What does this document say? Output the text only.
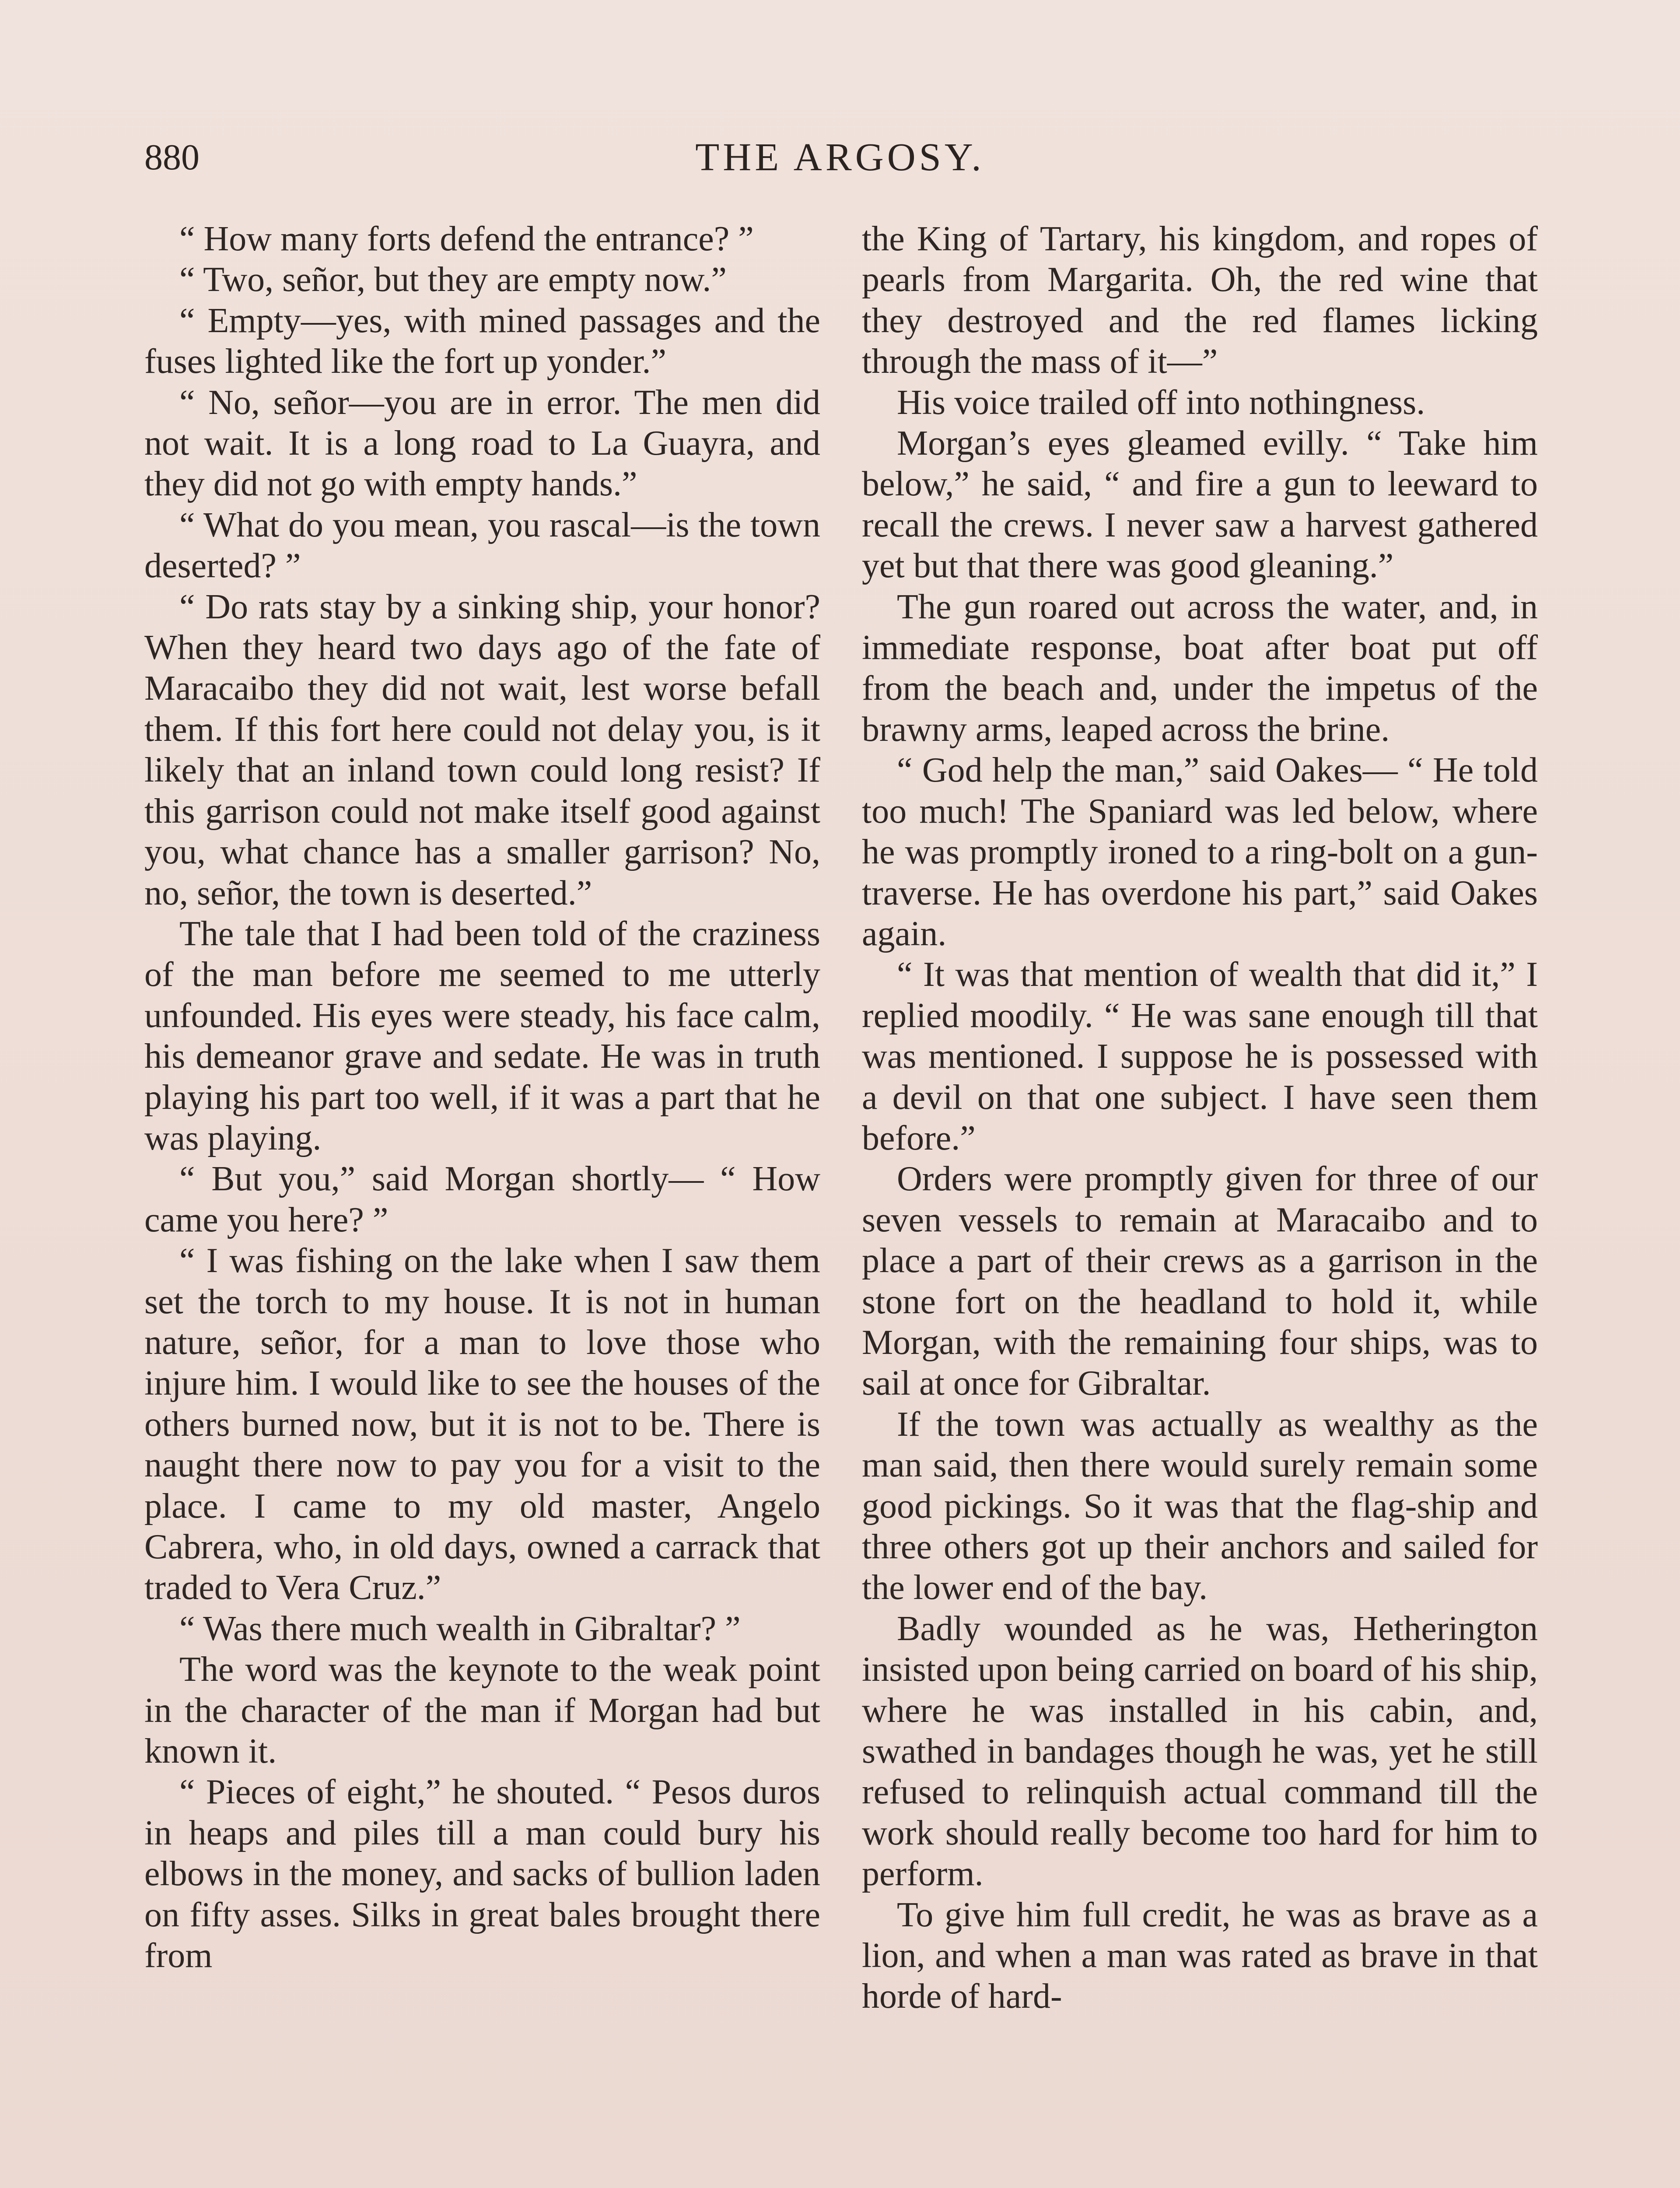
880	THE ARGOSY.

“ How many forts defend the entrance? ”

“ Two, señor, but they are empty now.”

“ Empty—yes, with mined passages and the fuses lighted like the fort up yonder.”

“ No, señor—you are in error. The men did not wait. It is a long road to La Guayra, and they did not go with empty hands.”

“ What do you mean, you rascal—is the town deserted? ”

“ Do rats stay by a sinking ship, your honor? When they heard two days ago of the fate of Maracaibo they did not wait, lest worse befall them. If this fort here could not delay you, is it likely that an inland town could long resist? If this garrison could not make itself good against you, what chance has a smaller garrison? No, no, señor, the town is deserted.”

The tale that I had been told of the craziness of the man before me seemed to me utterly unfounded. His eyes were steady, his face calm, his demeanor grave and sedate. He was in truth playing his part too well, if it was a part that he was playing.

“ But you,” said Morgan shortly— “ How came you here? ”

“ I was fishing on the lake when I saw them set the torch to my house. It is not in human nature, señor, for a man to love those who injure him. I would like to see the houses of the others burned now, but it is not to be. There is naught there now to pay you for a visit to the place. I came to my old master, Angelo Cabrera, who, in old days, owned a carrack that traded to Vera Cruz.”

“ Was there much wealth in Gibraltar? ”

The word was the keynote to the weak point in the character of the man if Morgan had but known it.

“ Pieces of eight,” he shouted. “ Pesos duros in heaps and piles till a man could bury his elbows in the money, and sacks of bullion laden on fifty asses. Silks in great bales brought there from

the King of Tartary, his kingdom, and ropes of pearls from Margarita. Oh, the red wine that they destroyed and the red flames licking through the mass of it—”

His voice trailed off into nothingness.

Morgan’s eyes gleamed evilly. “ Take him below,” he said, “ and fire a gun to leeward to recall the crews. I never saw a harvest gathered yet but that there was good gleaning.”

The gun roared out across the water, and, in immediate response, boat after boat put off from the beach and, under the impetus of the brawny arms, leaped across the brine.

“ God help the man,” said Oakes— “ He told too much! The Spaniard was led below, where he was promptly ironed to a ring-bolt on a gun-traverse. He has overdone his part,” said Oakes again.

“ It was that mention of wealth that did it,” I replied moodily. “ He was sane enough till that was mentioned. I suppose he is possessed with a devil on that one subject. I have seen them before.”

Orders were promptly given for three of our seven vessels to remain at Maracaibo and to place a part of their crews as a garrison in the stone fort on the headland to hold it, while Morgan, with the remaining four ships, was to sail at once for Gibraltar.

If the town was actually as wealthy as the man said, then there would surely remain some good pickings. So it was that the flag-ship and three others got up their anchors and sailed for the lower end of the bay.

Badly wounded as he was, Hetherington insisted upon being carried on board of his ship, where he was installed in his cabin, and, swathed in bandages though he was, yet he still refused to relinquish actual command till the work should really become too hard for him to perform.

To give him full credit, he was as brave as a lion, and when a man was rated as brave in that horde of hard-
